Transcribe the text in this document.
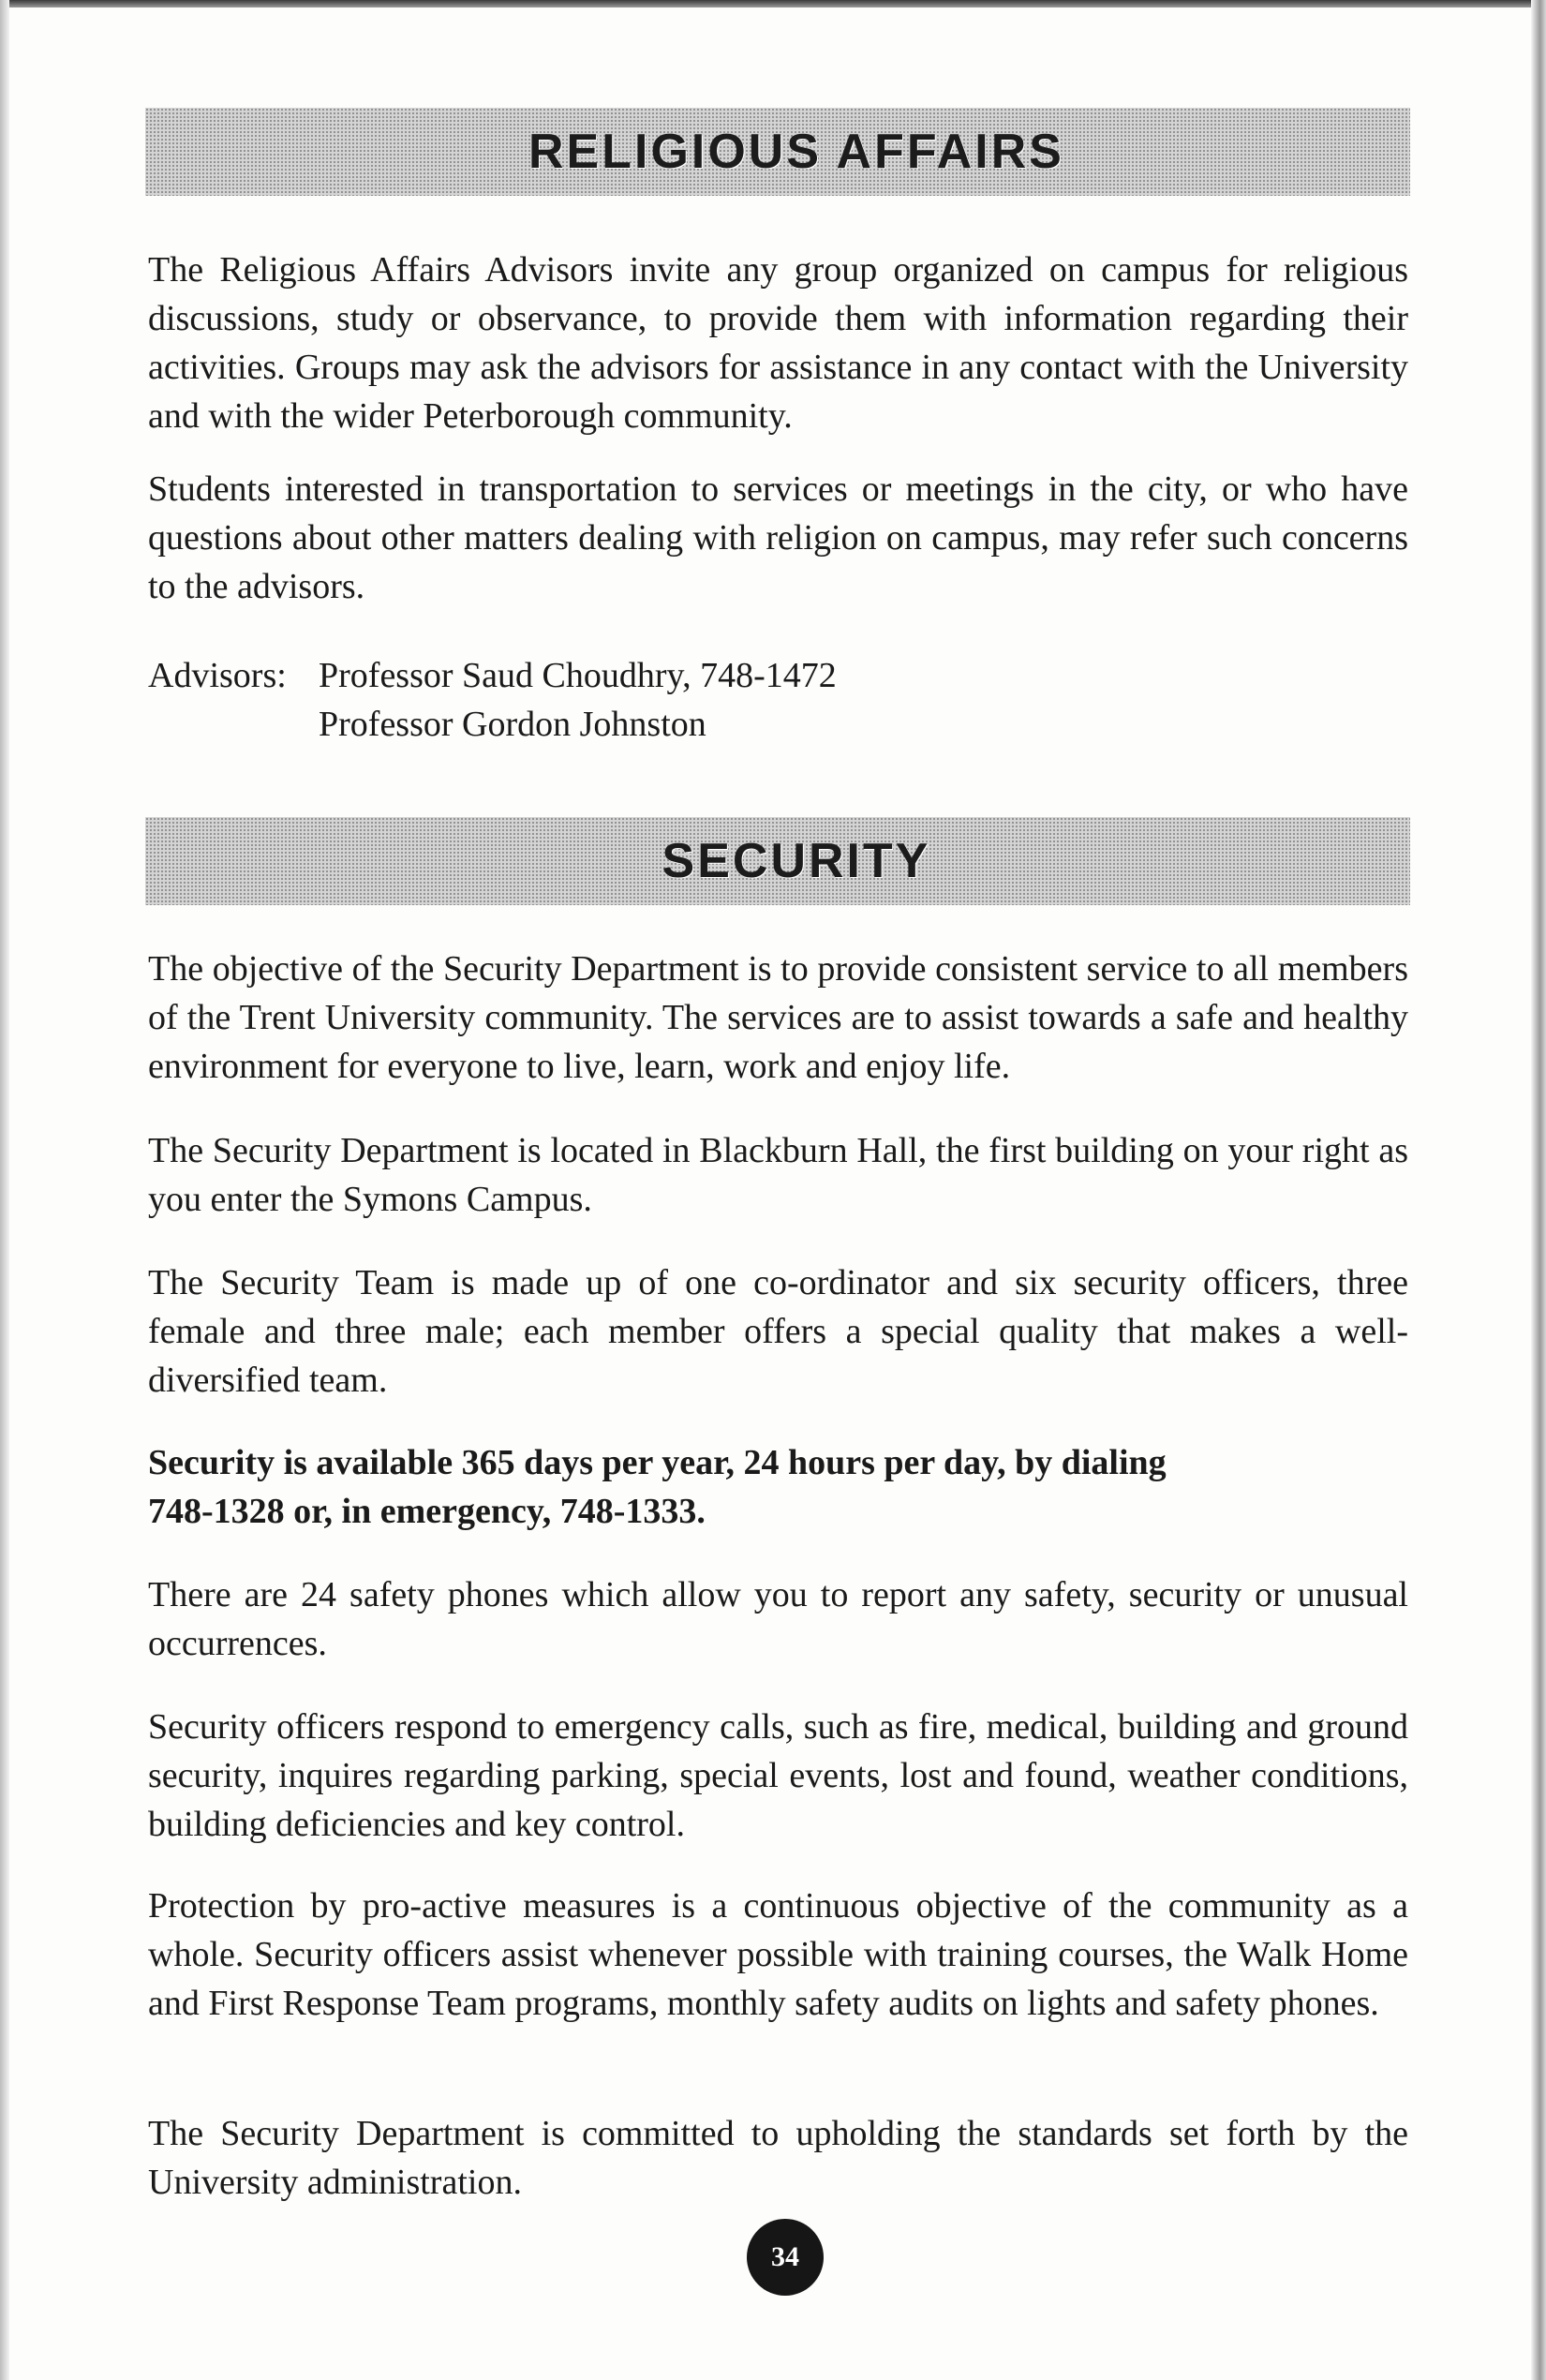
RELIGIOUS AFFAIRS

The Religious Affairs Advisors invite any group organized on campus for religious discussions, study or observance, to provide them with information regarding their activities. Groups may ask the advisors for assistance in any contact with the University and with the wider Peterborough community.

Students interested in transportation to services or meetings in the city, or who have questions about other matters dealing with religion on campus, may refer such concerns to the advisors.

Advisors: Professor Saud Choudhry, 748-1472
Professor Gordon Johnston
SECURITY

The objective of the Security Department is to provide consistent service to all members of the Trent University community. The services are to assist towards a safe and healthy environment for everyone to live, learn, work and enjoy life.

The Security Department is located in Blackburn Hall, the first building on your right as you enter the Symons Campus.

The Security Team is made up of one co-ordinator and six security officers, three female and three male; each member offers a special quality that makes a well-diversified team.

Security is available 365 days per year, 24 hours per day, by dialing

748-1328 or, in emergency, 748-1333.

There are 24 safety phones which allow you to report any safety, security or unusual occurrences.

Security officers respond to emergency calls, such as fire, medical, building and ground security, inquires regarding parking, special events, lost and found, weather conditions, building deficiencies and key control.

Protection by pro-active measures is a continuous objective of the community as a whole. Security officers assist whenever possible with training courses, the Walk Home and First Response Team programs, monthly safety audits on lights and safety phones.

The Security Department is committed to upholding the standards set forth by the University administration.

34
